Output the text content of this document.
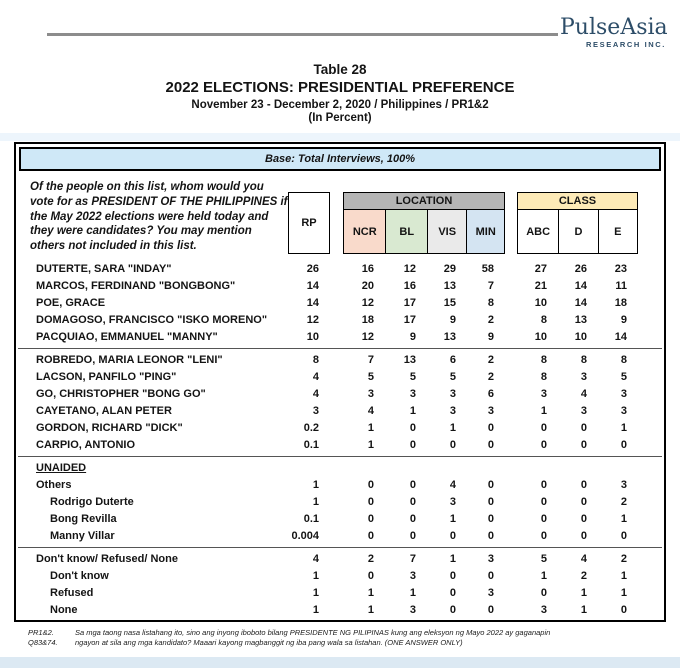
PulseAsia
RESEARCH INC.
Table 28
2022 ELECTIONS: PRESIDENTIAL PREFERENCE
November 23 - December 2, 2020 / Philippines / PR1&2
(In Percent)
Base: Total Interviews, 100%
Of the people on this list, whom would you vote for as PRESIDENT OF THE PHILIPPINES if the May 2022 elections were held today and they were candidates? You may mention others not included in this list.
RP
LOCATION
NCR	BL	VIS	MIN
CLASS
ABC	D	E
DUTERTE, SARA "INDAY"	26	16	12	29	58	27	26	23
MARCOS, FERDINAND "BONGBONG"	14	20	16	13	7	21	14	11
POE, GRACE	14	12	17	15	8	10	14	18
DOMAGOSO, FRANCISCO "ISKO MORENO"	12	18	17	9	2	8	13	9
PACQUIAO, EMMANUEL "MANNY"	10	12	9	13	9	10	10	14
ROBREDO, MARIA LEONOR "LENI"	8	7	13	6	2	8	8	8
LACSON, PANFILO "PING"	4	5	5	5	2	8	3	5
GO, CHRISTOPHER "BONG GO"	4	3	3	3	6	3	4	3
CAYETANO, ALAN PETER	3	4	1	3	3	1	3	3
GORDON, RICHARD "DICK"	0.2	1	0	1	0	0	0	1
CARPIO, ANTONIO	0.1	1	0	0	0	0	0	0
UNAIDED
Others	1	0	0	4	0	0	0	3
Rodrigo Duterte	1	0	0	3	0	0	0	2
Bong Revilla	0.1	0	0	1	0	0	0	1
Manny Villar	0.004	0	0	0	0	0	0	0
Don't know/ Refused/ None	4	2	7	1	3	5	4	2
Don't know	1	0	3	0	0	1	2	1
Refused	1	1	1	0	3	0	1	1
None	1	1	3	0	0	3	1	0
PR1&2.	Sa mga taong nasa listahang ito, sino ang inyong iboboto bilang PRESIDENTE NG PILIPINAS kung ang eleksyon ng Mayo 2022 ay gaganapin
Q83&74.	ngayon at sila ang mga kandidato? Maaari kayong magbanggit ng iba pang wala sa listahan. (ONE ANSWER ONLY)
